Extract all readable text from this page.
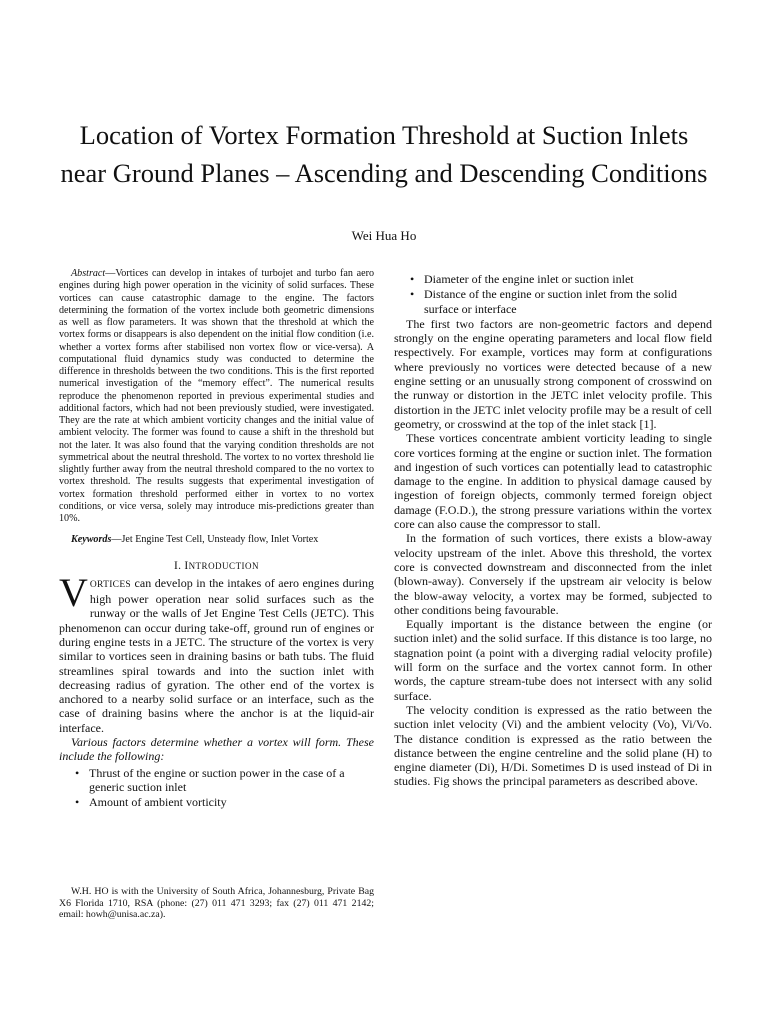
Location of Vortex Formation Threshold at Suction Inlets near Ground Planes – Ascending and Descending Conditions
Wei Hua Ho

Abstract—Vortices can develop in intakes of turbojet and turbo fan aero engines during high power operation in the vicinity of solid surfaces. These vortices can cause catastrophic damage to the engine. The factors determining the formation of the vortex include both geometric dimensions as well as flow parameters. It was shown that the threshold at which the vortex forms or disappears is also dependent on the initial flow condition (i.e. whether a vortex forms after stabilised non vortex flow or vice-versa). A computational fluid dynamics study was conducted to determine the difference in thresholds between the two conditions. This is the first reported numerical investigation of the “memory effect”. The numerical results reproduce the phenomenon reported in previous experimental studies and additional factors, which had not been previously studied, were investigated. They are the rate at which ambient vorticity changes and the initial value of ambient velocity. The former was found to cause a shift in the threshold but not the later. It was also found that the varying condition thresholds are not symmetrical about the neutral threshold. The vortex to no vortex threshold lie slightly further away from the neutral threshold compared to the no vortex to vortex threshold. The results suggests that experimental investigation of vortex formation threshold performed either in vortex to no vortex conditions, or vice versa, solely may introduce mis-predictions greater than 10%.

Keywords—Jet Engine Test Cell, Unsteady flow, Inlet Vortex

I. INTRODUCTION

VORTICES can develop in the intakes of aero engines during high power operation near solid surfaces such as the runway or the walls of Jet Engine Test Cells (JETC). This phenomenon can occur during take-off, ground run of engines or during engine tests in a JETC. The structure of the vortex is very similar to vortices seen in draining basins or bath tubs. The fluid streamlines spiral towards and into the suction inlet with decreasing radius of gyration. The other end of the vortex is anchored to a nearby solid surface or an interface, such as the case of draining basins where the anchor is at the liquid-air interface.

Various factors determine whether a vortex will form. These include the following:

• Thrust of the engine or suction power in the case of a generic suction inlet
• Amount of ambient vorticity

W.H. HO is with the University of South Africa, Johannesburg, Private Bag X6 Florida 1710, RSA (phone: (27) 011 471 3293; fax (27) 011 471 2142; email: howh@unisa.ac.za).

• Diameter of the engine inlet or suction inlet
• Distance of the engine or suction inlet from the solid surface or interface

The first two factors are non-geometric factors and depend strongly on the engine operating parameters and local flow field respectively. For example, vortices may form at configurations where previously no vortices were detected because of a new engine setting or an unusually strong component of crosswind on the runway or distortion in the JETC inlet velocity profile. This distortion in the JETC inlet velocity profile may be a result of cell geometry, or crosswind at the top of the inlet stack [1].

These vortices concentrate ambient vorticity leading to single core vortices forming at the engine or suction inlet. The formation and ingestion of such vortices can potentially lead to catastrophic damage to the engine. In addition to physical damage caused by ingestion of foreign objects, commonly termed foreign object damage (F.O.D.), the strong pressure variations within the vortex core can also cause the compressor to stall.

In the formation of such vortices, there exists a blow-away velocity upstream of the inlet. Above this threshold, the vortex core is convected downstream and disconnected from the inlet (blown-away). Conversely if the upstream air velocity is below the blow-away velocity, a vortex may be formed, subjected to other conditions being favourable.

Equally important is the distance between the engine (or suction inlet) and the solid surface. If this distance is too large, no stagnation point (a point with a diverging radial velocity profile) will form on the surface and the vortex cannot form. In other words, the capture stream-tube does not intersect with any solid surface.

The velocity condition is expressed as the ratio between the suction inlet velocity (Vi) and the ambient velocity (Vo), Vi/Vo. The distance condition is expressed as the ratio between the distance between the engine centreline and the solid plane (H) to engine diameter (Di), H/Di. Sometimes D is used instead of Di in studies. Fig shows the principal parameters as described above.
